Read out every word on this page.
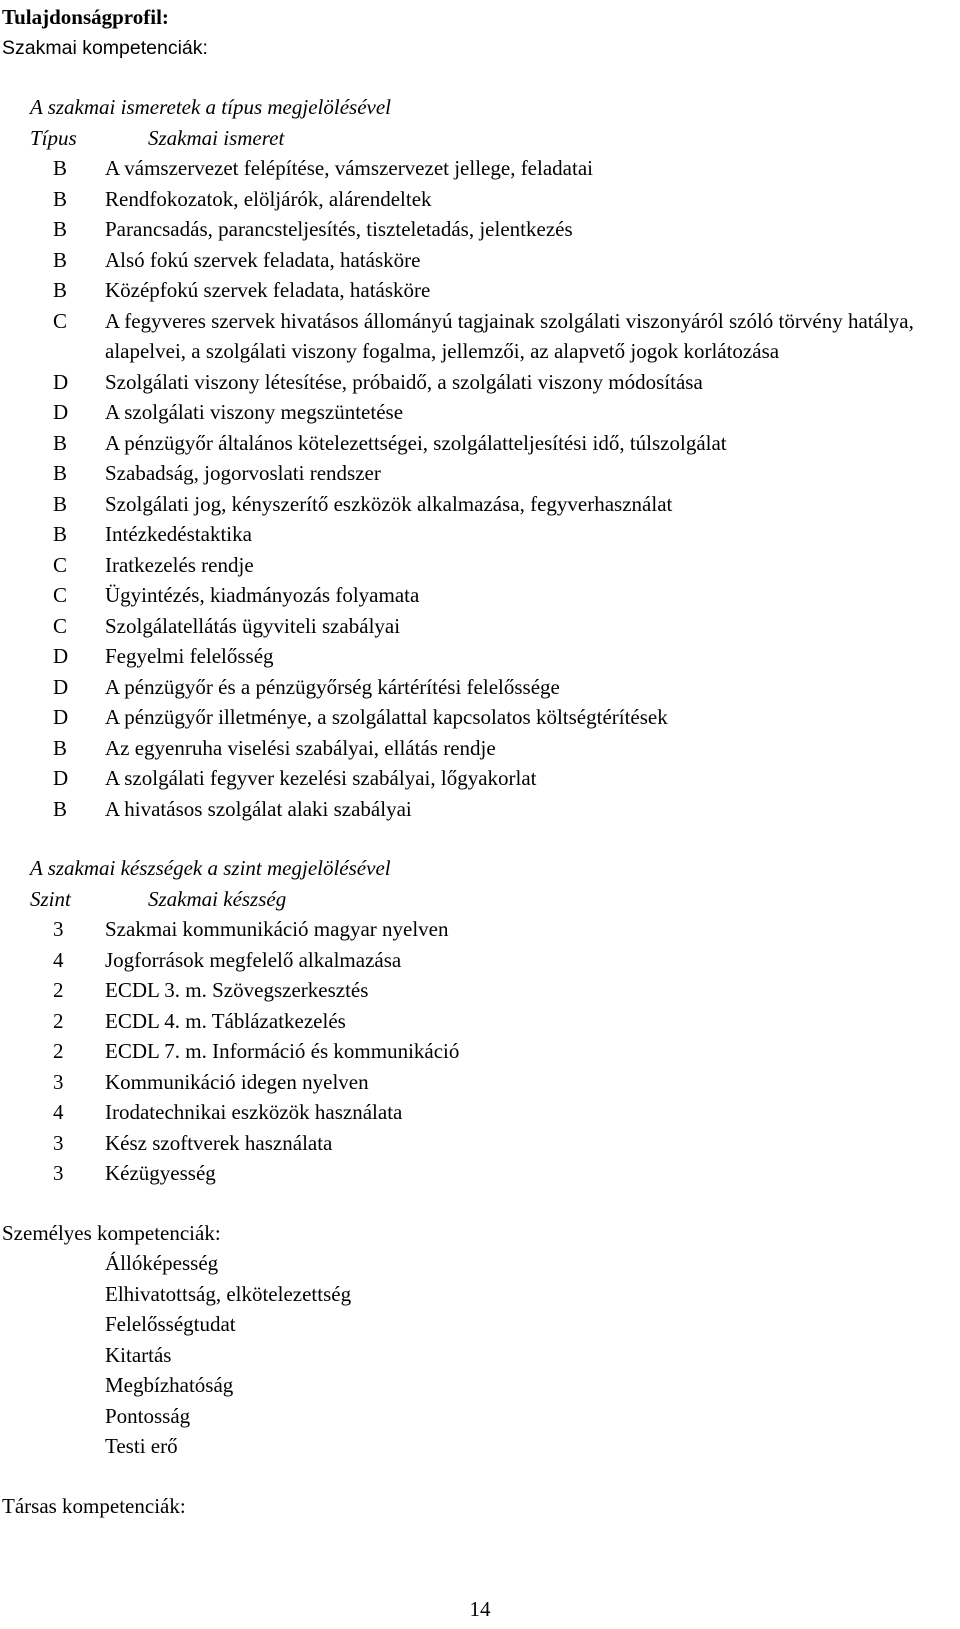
Tulajdonságprofil:
Szakmai kompetenciák:
A szakmai ismeretek a típus megjelölésével
Típus	Szakmai ismeret
B	A vámszervezet felépítése, vámszervezet jellege, feladatai
B	Rendfokozatok, elöljárók, alárendeltek
B	Parancsadás, parancsteljesítés, tiszteletadás, jelentkezés
B	Alsó fokú szervek feladata, hatásköre
B	Középfokú szervek feladata, hatásköre
C	A fegyveres szervek hivatásos állományú tagjainak szolgálati viszonyáról szóló törvény hatálya, alapelvei, a szolgálati viszony fogalma, jellemzői, az alapvető jogok korlátozása
D	Szolgálati viszony létesítése, próbaidő, a szolgálati viszony módosítása
D	A szolgálati viszony megszüntetése
B	A pénzügyőr általános kötelezettségei, szolgálatteljesítési idő, túlszolgálat
B	Szabadság, jogorvoslati rendszer
B	Szolgálati jog, kényszerítő eszközök alkalmazása, fegyverhasználat
B	Intézkedéstaktika
C	Iratkezelés rendje
C	Ügyintézés, kiadmányozás folyamata
C	Szolgálatellátás ügyviteli szabályai
D	Fegyelmi felelősség
D	A pénzügyőr és a pénzügyőrség kártérítési felelőssége
D	A pénzügyőr illetménye, a szolgálattal kapcsolatos költségtérítések
B	Az egyenruha viselési szabályai, ellátás rendje
D	A szolgálati fegyver kezelési szabályai, lőgyakorlat
B	A hivatásos szolgálat alaki szabályai
A szakmai készségek a szint megjelölésével
Szint	Szakmai készség
3	Szakmai kommunikáció magyar nyelven
4	Jogforrások megfelelő alkalmazása
2	ECDL 3. m. Szövegszerkesztés
2	ECDL 4. m. Táblázatkezelés
2	ECDL 7. m. Információ és kommunikáció
3	Kommunikáció idegen nyelven
4	Irodatechnikai eszközök használata
3	Kész szoftverek használata
3	Kézügyesség
Személyes kompetenciák:
Állóképesség
Elhivatottság, elkötelezettség
Felelősségtudat
Kitartás
Megbízhatóság
Pontosság
Testi erő
Társas kompetenciák:
14
